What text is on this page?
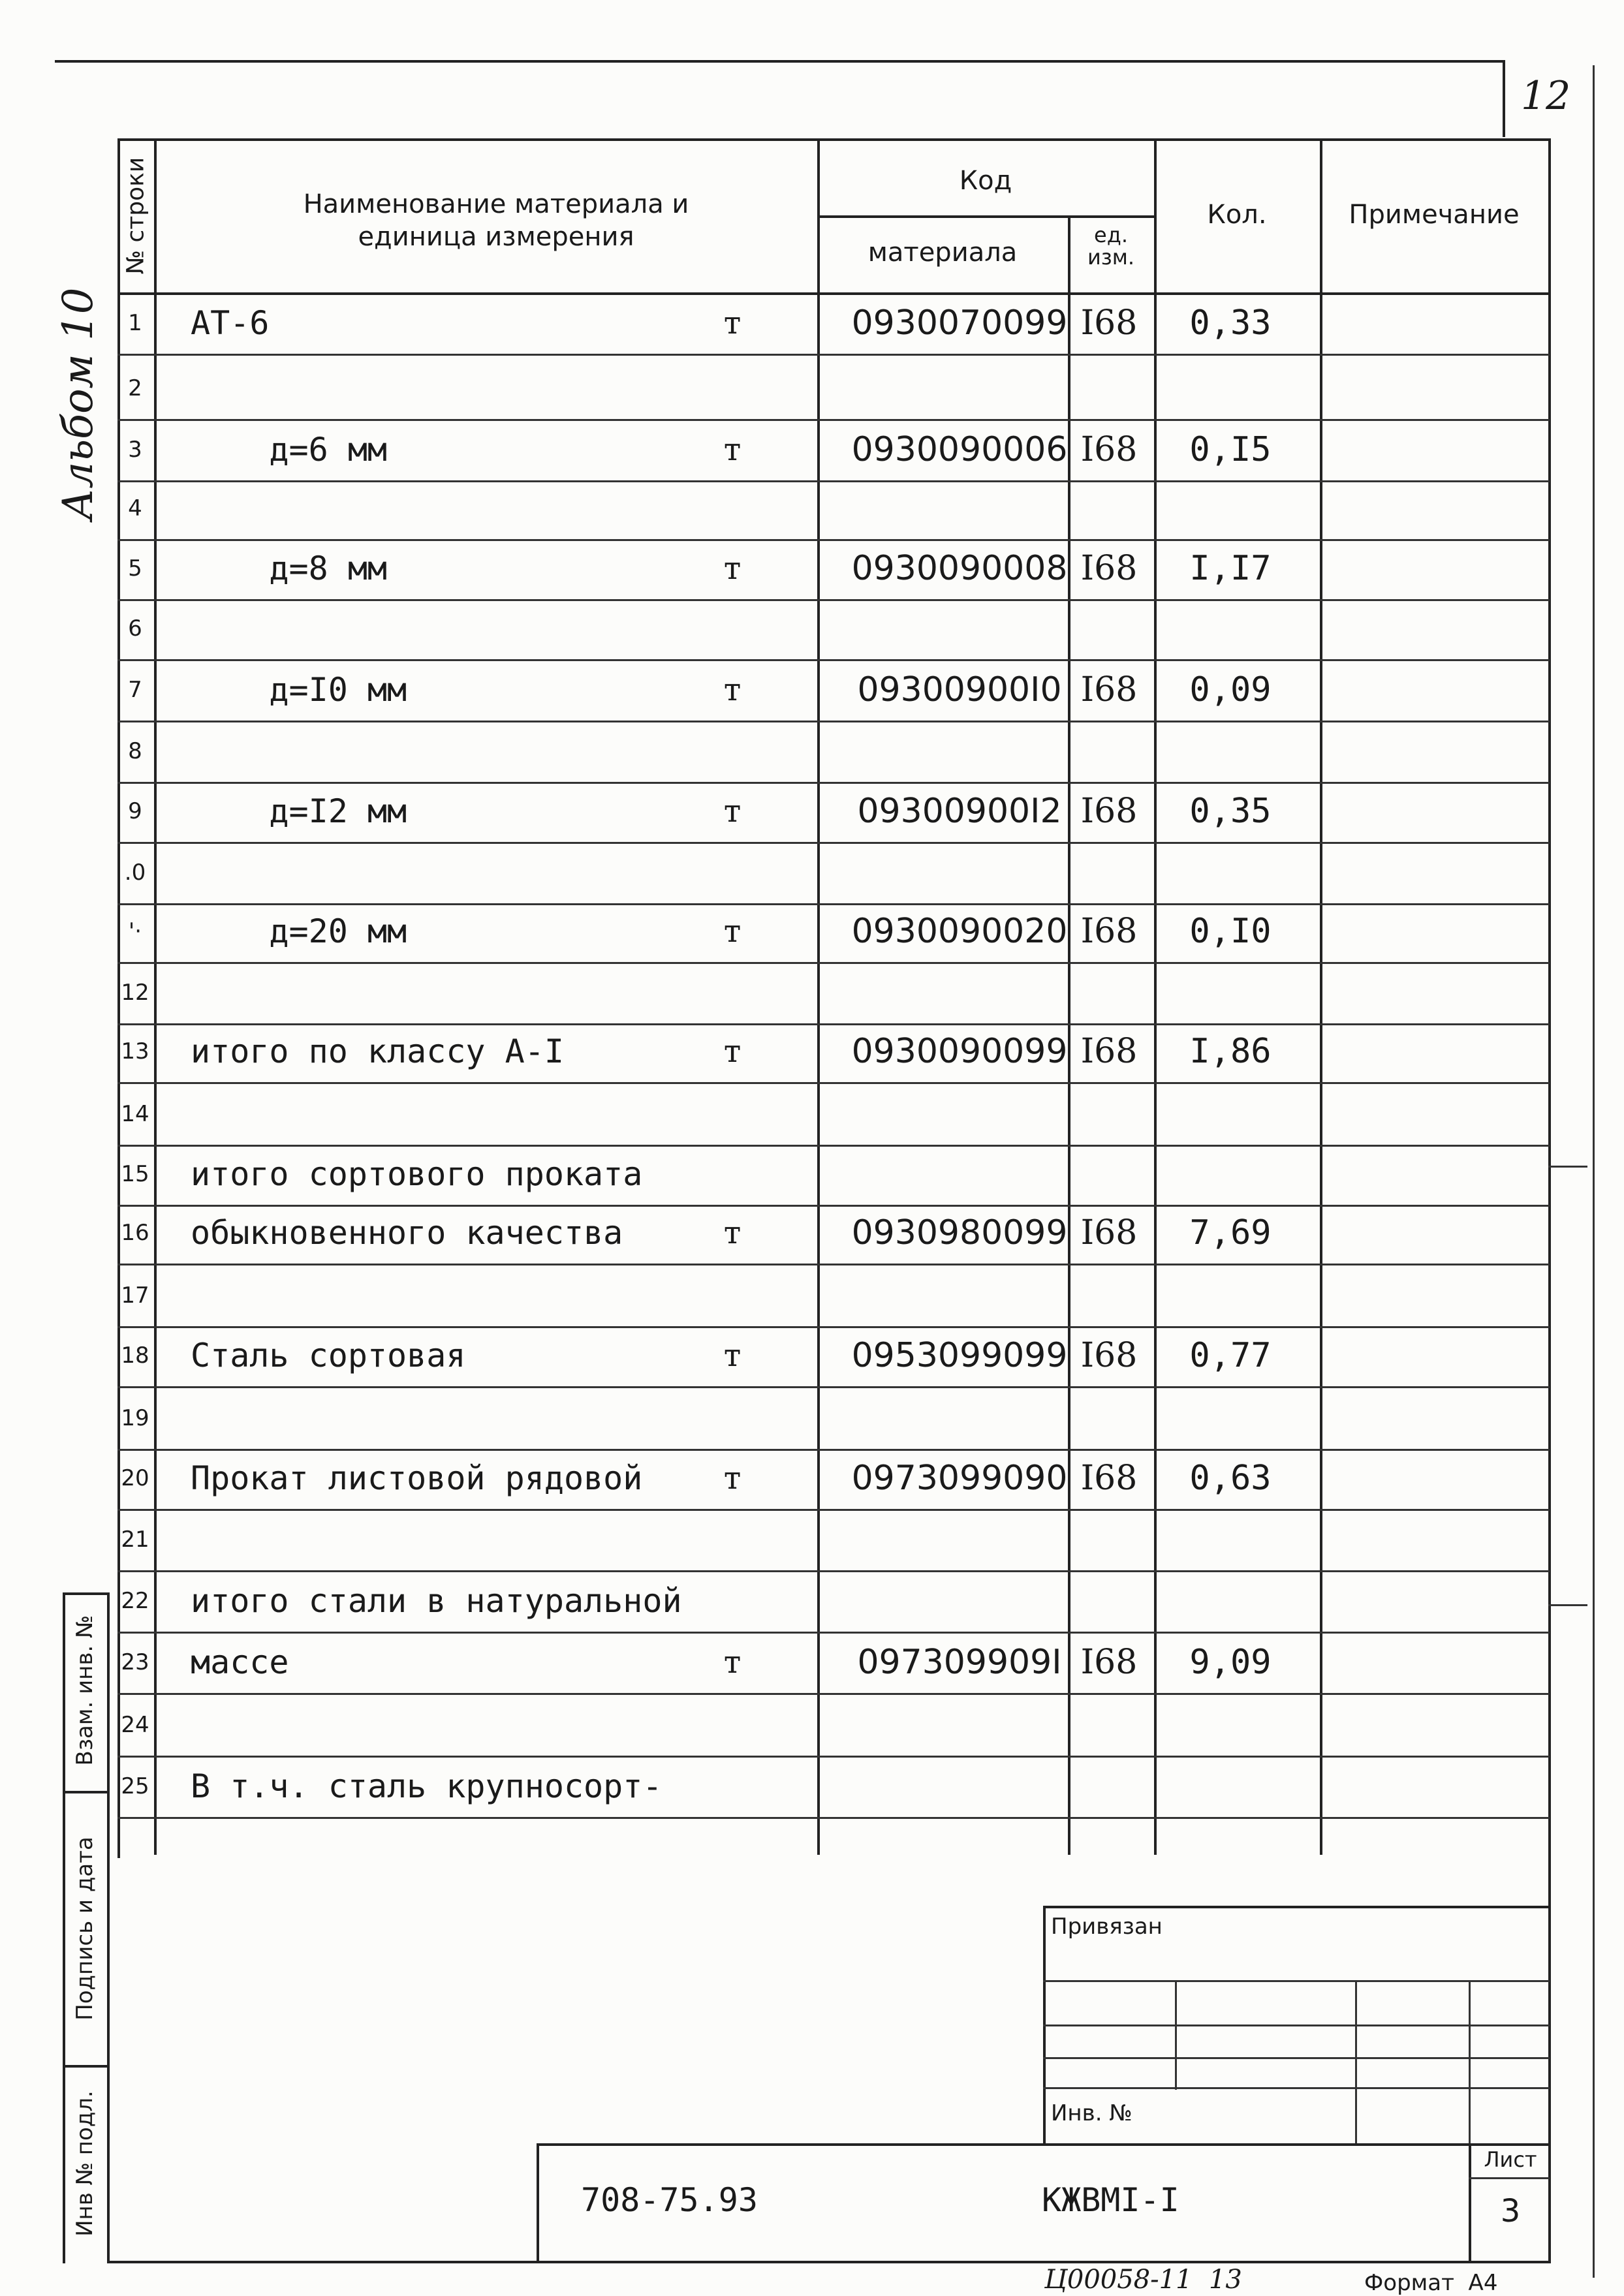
12
Альбом 10
№ строки	Наименование материала и
единица измерения
Код
материала
ед.
изм.
Кол.	Примечание
1	АТ-6	т	0930070099 I68	0,33
2
3	д=6 мм	т	0930090006 I68	0,I5
4
5	д=8 мм	т	0930090008 I68	I,I7
6
7	д=I0 мм	т	09300900I0 I68	0,09
8
9	д=I2 мм	т	09300900I2 I68	0,35
.0
'·	д=20 мм	т	0930090020 I68	0,I0
12
13 итого по классу А-I	т	0930090099 I68	I,86
14
15 итого сортового проката
16 обыкновенного качества	т	0930980099 I68	7,69
17
18 Сталь сортовая	т	0953099099 I68	0,77
19
20 Прокат листовой рядовой	т	0973099090 I68	0,63
21
22 итого стали в натуральной
23 массе	т	097309909I I68	9,09
24
25 В т.ч. сталь крупносорт-
Взам. инв. №
Подпись и дата
Инв № подл.
Привязан
Инв. №
708-75.93	КЖВМI-I
Лист
3
Ц00058-11  13	Формат  А4
